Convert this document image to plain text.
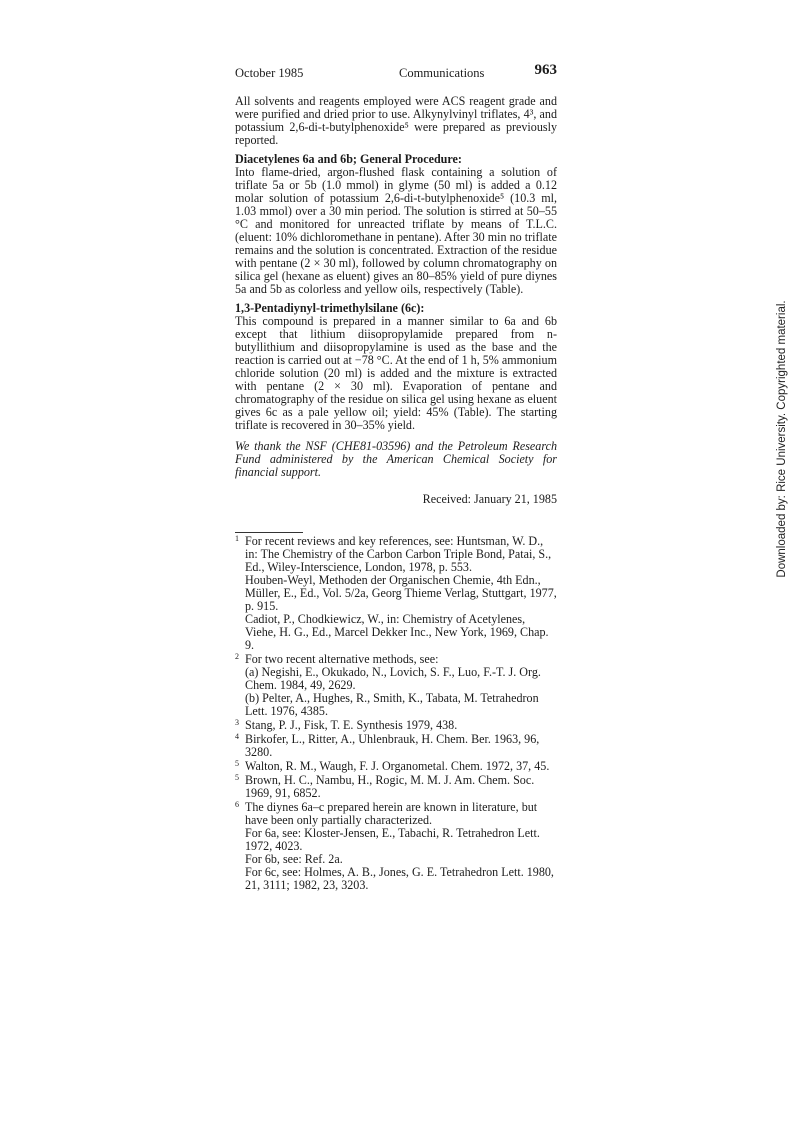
October 1985	Communications	963

All solvents and reagents employed were ACS reagent grade and were purified and dried prior to use. Alkynylvinyl triflates, 4³, and potassium 2,6-di-t-butylphenoxide⁵ were prepared as previously reported.

Diacetylenes 6a and 6b; General Procedure:

Into flame-dried, argon-flushed flask containing a solution of triflate 5a or 5b (1.0 mmol) in glyme (50 ml) is added a 0.12 molar solution of potassium 2,6-di-t-butylphenoxide⁵ (10.3 ml, 1.03 mmol) over a 30 min period. The solution is stirred at 50–55 °C and monitored for unreacted triflate by means of T.L.C. (eluent: 10% dichloromethane in pentane). After 30 min no triflate remains and the solution is concentrated. Extraction of the residue with pentane (2 × 30 ml), followed by column chromatography on silica gel (hexane as eluent) gives an 80–85% yield of pure diynes 5a and 5b as colorless and yellow oils, respectively (Table).

1,3-Pentadiynyl-trimethylsilane (6c):

This compound is prepared in a manner similar to 6a and 6b except that lithium diisopropylamide prepared from n-butyllithium and diisopropylamine is used as the base and the reaction is carried out at −78 °C. At the end of 1 h, 5% ammonium chloride solution (20 ml) is added and the mixture is extracted with pentane (2 × 30 ml). Evaporation of pentane and chromatography of the residue on silica gel using hexane as eluent gives 6c as a pale yellow oil; yield: 45% (Table). The starting triflate is recovered in 30–35% yield.

We thank the NSF (CHE81-03596) and the Petroleum Research Fund administered by the American Chemical Society for financial support.

Received: January 21, 1985

1 For recent reviews and key references, see: Huntsman, W. D., in: The Chemistry of the Carbon Carbon Triple Bond, Patai, S., Ed., Wiley-Interscience, London, 1978, p. 553.
Houben-Weyl, Methoden der Organischen Chemie, 4th Edn., Müller, E., Ed., Vol. 5/2a, Georg Thieme Verlag, Stuttgart, 1977, p. 915.
Cadiot, P., Chodkiewicz, W., in: Chemistry of Acetylenes, Viehe, H. G., Ed., Marcel Dekker Inc., New York, 1969, Chap. 9.
2 For two recent alternative methods, see:
(a) Negishi, E., Okukado, N., Lovich, S. F., Luo, F.-T. J. Org. Chem. 1984, 49, 2629.
(b) Pelter, A., Hughes, R., Smith, K., Tabata, M. Tetrahedron Lett. 1976, 4385.
3 Stang, P. J., Fisk, T. E. Synthesis 1979, 438.
4 Birkofer, L., Ritter, A., Uhlenbrauk, H. Chem. Ber. 1963, 96, 3280.
5 Walton, R. M., Waugh, F. J. Organometal. Chem. 1972, 37, 45.
5 Brown, H. C., Nambu, H., Rogic, M. M. J. Am. Chem. Soc. 1969, 91, 6852.
6 The diynes 6a–c prepared herein are known in literature, but have been only partially characterized.
For 6a, see: Kloster-Jensen, E., Tabachi, R. Tetrahedron Lett. 1972, 4023.
For 6b, see: Ref. 2a.
For 6c, see: Holmes, A. B., Jones, G. E. Tetrahedron Lett. 1980, 21, 3111; 1982, 23, 3203.
Downloaded by: Rice University. Copyrighted material.
